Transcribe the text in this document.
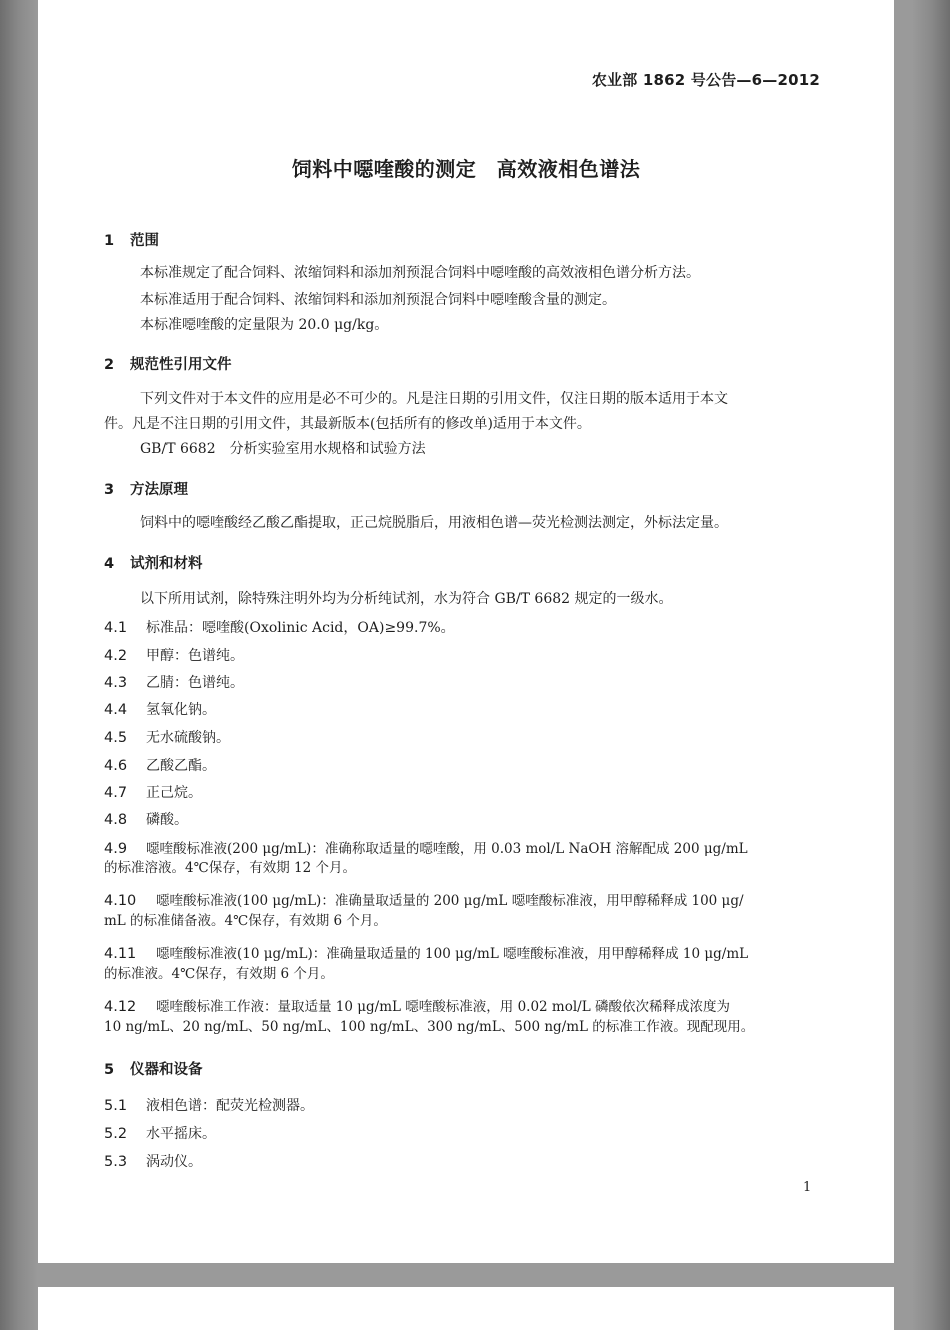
农业部 1862 号公告—6—2012
饲料中噁喹酸的测定　高效液相色谱法
1 范围
本标准规定了配合饲料、浓缩饲料和添加剂预混合饲料中噁喹酸的高效液相色谱分析方法。
本标准适用于配合饲料、浓缩饲料和添加剂预混合饲料中噁喹酸含量的测定。
本标准噁喹酸的定量限为 20.0 μg/kg。
2 规范性引用文件
下列文件对于本文件的应用是必不可少的。凡是注日期的引用文件，仅注日期的版本适用于本文
件。凡是不注日期的引用文件，其最新版本(包括所有的修改单)适用于本文件。
GB/T 6682　分析实验室用水规格和试验方法
3 方法原理
饲料中的噁喹酸经乙酸乙酯提取，正己烷脱脂后，用液相色谱—荧光检测法测定，外标法定量。
4 试剂和材料
以下所用试剂，除特殊注明外均为分析纯试剂，水为符合 GB/T 6682 规定的一级水。
4.1 标准品：噁喹酸(Oxolinic Acid，OA)≥99.7%。
4.2 甲醇：色谱纯。
4.3 乙腈：色谱纯。
4.4 氢氧化钠。
4.5 无水硫酸钠。
4.6 乙酸乙酯。
4.7 正己烷。
4.8 磷酸。
4.9 噁喹酸标准液(200 μg/mL)：准确称取适量的噁喹酸，用 0.03 mol/L NaOH 溶解配成 200 μg/mL
的标准溶液。4℃保存，有效期 12 个月。
4.10 噁喹酸标准液(100 μg/mL)：准确量取适量的 200 μg/mL 噁喹酸标准液，用甲醇稀释成 100 μg/
mL 的标准储备液。4℃保存，有效期 6 个月。
4.11 噁喹酸标准液(10 μg/mL)：准确量取适量的 100 μg/mL 噁喹酸标准液，用甲醇稀释成 10 μg/mL
的标准液。4℃保存，有效期 6 个月。
4.12 噁喹酸标准工作液：量取适量 10 μg/mL 噁喹酸标准液，用 0.02 mol/L 磷酸依次稀释成浓度为
10 ng/mL、20 ng/mL、50 ng/mL、100 ng/mL、300 ng/mL、500 ng/mL 的标准工作液。现配现用。
5 仪器和设备
5.1 液相色谱：配荧光检测器。
5.2 水平摇床。
5.3 涡动仪。
1
